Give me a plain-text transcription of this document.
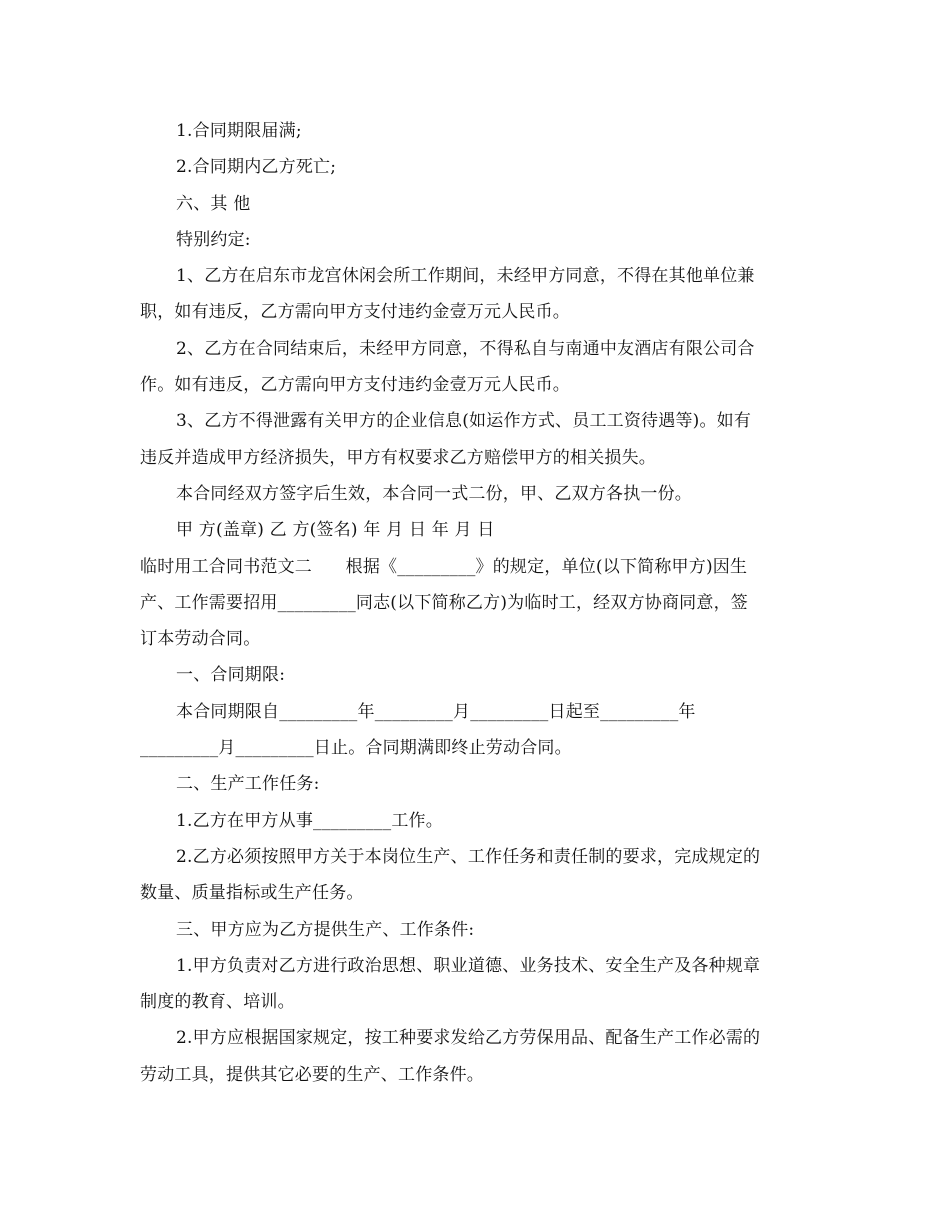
1.合同期限届满;
2.合同期内乙方死亡;
六、其 他
特别约定:
1、乙方在启东市龙宫休闲会所工作期间，未经甲方同意，不得在其他单位兼
职，如有违反，乙方需向甲方支付违约金壹万元人民币。
2、乙方在合同结束后，未经甲方同意，不得私自与南通中友酒店有限公司合
作。如有违反，乙方需向甲方支付违约金壹万元人民币。
3、乙方不得泄露有关甲方的企业信息(如运作方式、员工工资待遇等)。如有
违反并造成甲方经济损失，甲方有权要求乙方赔偿甲方的相关损失。
本合同经双方签字后生效，本合同一式二份，甲、乙双方各执一份。
甲 方(盖章) 乙 方(签名) 年 月 日 年 月 日
临时用工合同书范文二      根据《_________》的规定，单位(以下简称甲方)因生
产、工作需要招用_________同志(以下简称乙方)为临时工，经双方协商同意，签
订本劳动合同。
一、合同期限:
本合同期限自_________年_________月_________日起至_________年
_________月_________日止。合同期满即终止劳动合同。
二、生产工作任务:
1.乙方在甲方从事_________工作。
2.乙方必须按照甲方关于本岗位生产、工作任务和责任制的要求，完成规定的
数量、质量指标或生产任务。
三、甲方应为乙方提供生产、工作条件:
1.甲方负责对乙方进行政治思想、职业道德、业务技术、安全生产及各种规章
制度的教育、培训。
2.甲方应根据国家规定，按工种要求发给乙方劳保用品、配备生产工作必需的
劳动工具，提供其它必要的生产、工作条件。
